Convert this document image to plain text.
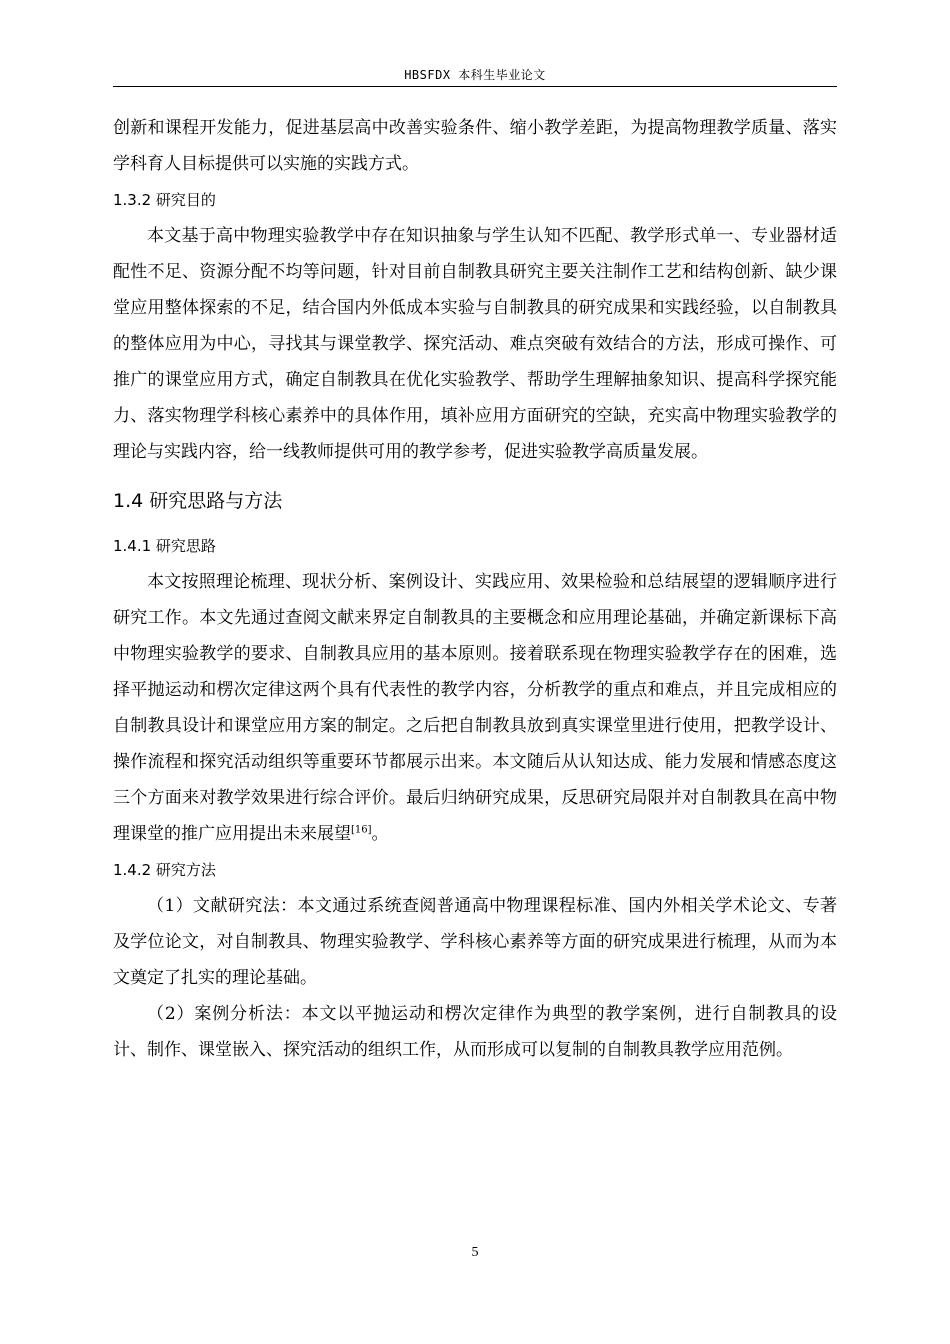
HBSFDX 本科生毕业论文

创新和课程开发能力，促进基层高中改善实验条件、缩小教学差距，为提高物理教学质量、落实学科育人目标提供可以实施的实践方式。

1.3.2 研究目的

本文基于高中物理实验教学中存在知识抽象与学生认知不匹配、教学形式单一、专业器材适配性不足、资源分配不均等问题，针对目前自制教具研究主要关注制作工艺和结构创新、缺少课堂应用整体探索的不足，结合国内外低成本实验与自制教具的研究成果和实践经验，以自制教具的整体应用为中心，寻找其与课堂教学、探究活动、难点突破有效结合的方法，形成可操作、可推广的课堂应用方式，确定自制教具在优化实验教学、帮助学生理解抽象知识、提高科学探究能力、落实物理学科核心素养中的具体作用，填补应用方面研究的空缺，充实高中物理实验教学的理论与实践内容，给一线教师提供可用的教学参考，促进实验教学高质量发展。

1.4 研究思路与方法

1.4.1 研究思路

本文按照理论梳理、现状分析、案例设计、实践应用、效果检验和总结展望的逻辑顺序进行研究工作。本文先通过查阅文献来界定自制教具的主要概念和应用理论基础，并确定新课标下高中物理实验教学的要求、自制教具应用的基本原则。接着联系现在物理实验教学存在的困难，选择平抛运动和楞次定律这两个具有代表性的教学内容，分析教学的重点和难点，并且完成相应的自制教具设计和课堂应用方案的制定。之后把自制教具放到真实课堂里进行使用，把教学设计、操作流程和探究活动组织等重要环节都展示出来。本文随后从认知达成、能力发展和情感态度这三个方面来对教学效果进行综合评价。最后归纳研究成果，反思研究局限并对自制教具在高中物理课堂的推广应用提出未来展望[16]。

1.4.2 研究方法

（1）文献研究法：本文通过系统查阅普通高中物理课程标准、国内外相关学术论文、专著及学位论文，对自制教具、物理实验教学、学科核心素养等方面的研究成果进行梳理，从而为本文奠定了扎实的理论基础。

（2）案例分析法：本文以平抛运动和楞次定律作为典型的教学案例，进行自制教具的设计、制作、课堂嵌入、探究活动的组织工作，从而形成可以复制的自制教具教学应用范例。

5
